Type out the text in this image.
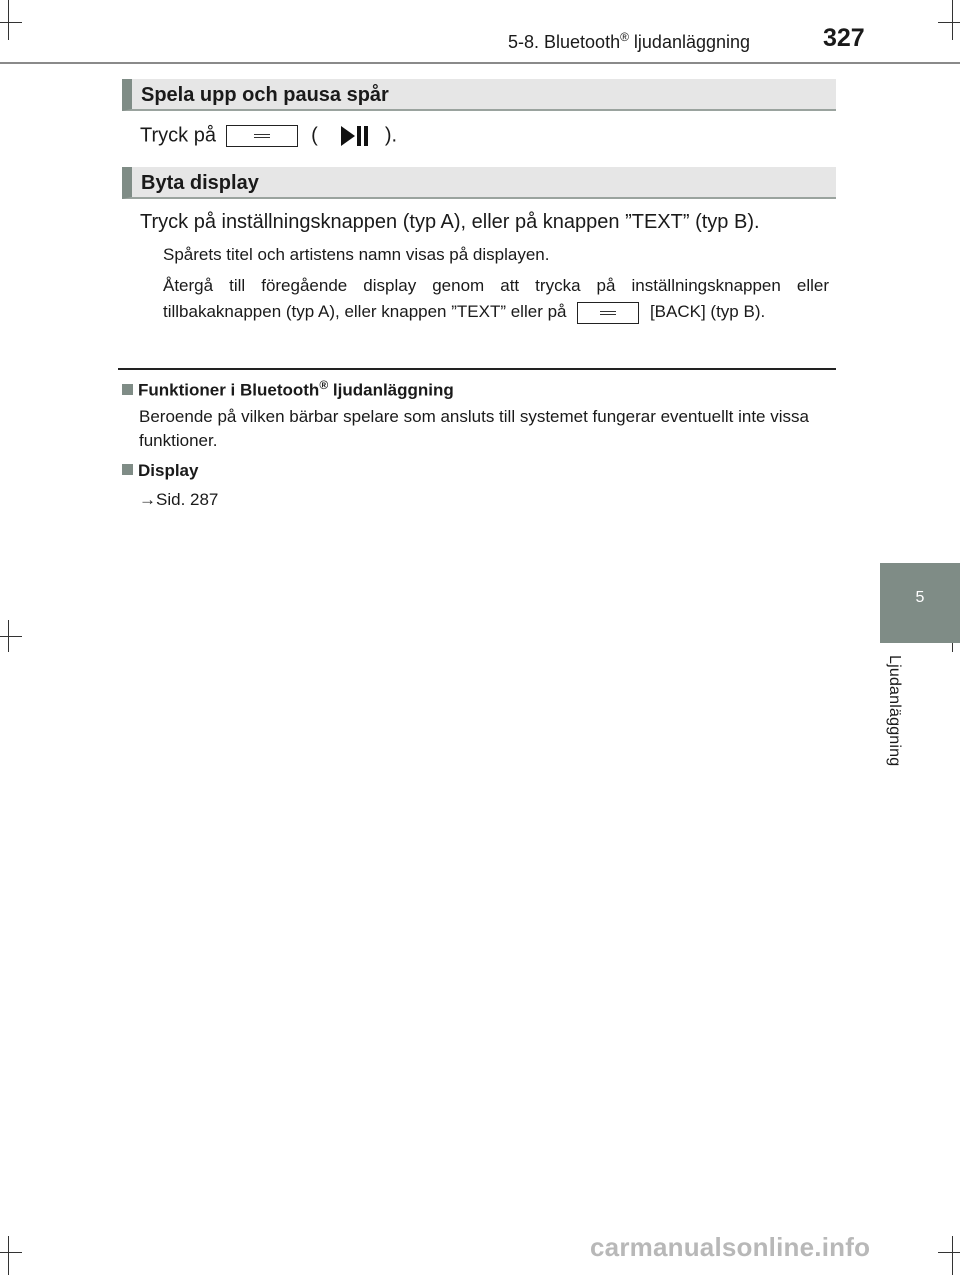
5-8. Bluetooth® ljudanläggning	327
5
Ljudanläggning
Spela upp och pausa spår
Tryck på	(	).
Byta display
Tryck på inställningsknappen (typ A), eller på knappen ”TEXT” (typ B).
Spårets titel och artistens namn visas på displayen.
Återgå till föregående display genom att trycka på inställningsknappen eller tillbakaknappen (typ A), eller knappen ”TEXT” eller på	[BACK] (typ B).
Funktioner i Bluetooth® ljudanläggning
Beroende på vilken bärbar spelare som ansluts till systemet fungerar eventuellt inte vissa funktioner.
Display
→Sid. 287
carmanualsonline.info
